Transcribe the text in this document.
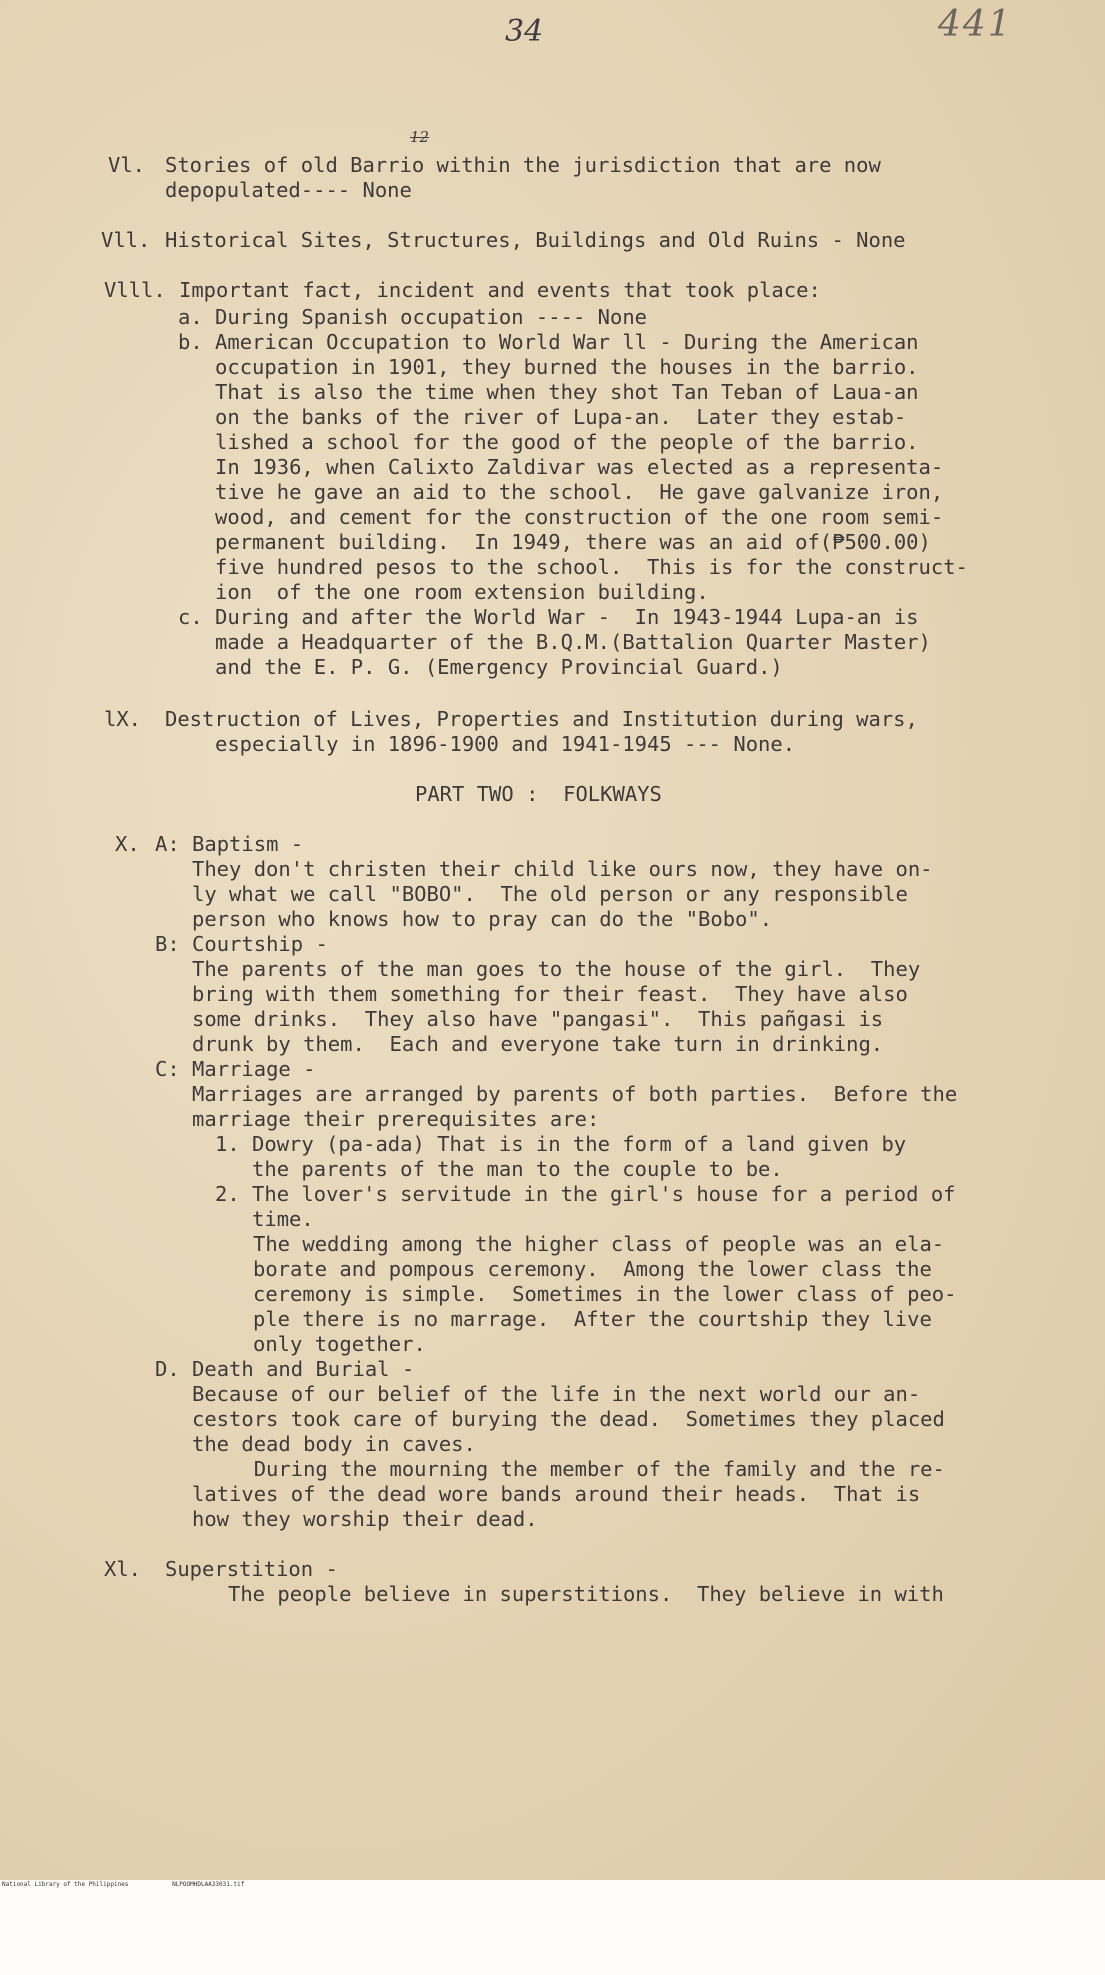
34	441
12

Vl.

Stories of old Barrio within the jurisdiction that are now

depopulated---- None

Vll.

Historical Sites, Structures, Buildings and Old Ruins - None

Vlll.

Important fact, incident and events that took place:

a. During Spanish occupation ---- None

b. American Occupation to World War ll - During the American

occupation in 1901, they burned the houses in the barrio.

That is also the time when they shot Tan Teban of Laua-an

on the banks of the river of Lupa-an.  Later they estab-

lished a school for the good of the people of the barrio.

In 1936, when Calixto Zaldivar was elected as a representa-

tive he gave an aid to the school.  He gave galvanize iron,

wood, and cement for the construction of the one room semi-

permanent building.  In 1949, there was an aid of(₱500.00)

five hundred pesos to the school.  This is for the construct-

ion  of the one room extension building.

c. During and after the World War -  In 1943-1944 Lupa-an is

made a Headquarter of the B.Q.M.(Battalion Quarter Master)

and the E. P. G. (Emergency Provincial Guard.)

lX.

Destruction of Lives, Properties and Institution during wars,

especially in 1896-1900 and 1941-1945 --- None.

PART TWO :  FOLKWAYS

X.

A: Baptism -

They don't christen their child like ours now, they have on-

ly what we call "BOBO".  The old person or any responsible

person who knows how to pray can do the "Bobo".

B: Courtship -

The parents of the man goes to the house of the girl.  They

bring with them something for their feast.  They have also

some drinks.  They also have "pangasi".  This pañgasi is

drunk by them.  Each and everyone take turn in drinking.

C: Marriage -

Marriages are arranged by parents of both parties.  Before the

marriage their prerequisites are:

1. Dowry (pa-ada) That is in the form of a land given by

the parents of the man to the couple to be.

2. The lover's servitude in the girl's house for a period of

time.

The wedding among the higher class of people was an ela-

borate and pompous ceremony.  Among the lower class the

ceremony is simple.  Sometimes in the lower class of peo-

ple there is no marrage.  After the courtship they live

only together.

D. Death and Burial -

Because of our belief of the life in the next world our an-

cestors took care of burying the dead.  Sometimes they placed

the dead body in caves.

During the mourning the member of the family and the re-

latives of the dead wore bands around their heads.  That is

how they worship their dead.

Xl.

Superstition -

The people believe in superstitions.  They believe in with

National Library of the Philippines	NLPOOMHDLAA33031.tif
